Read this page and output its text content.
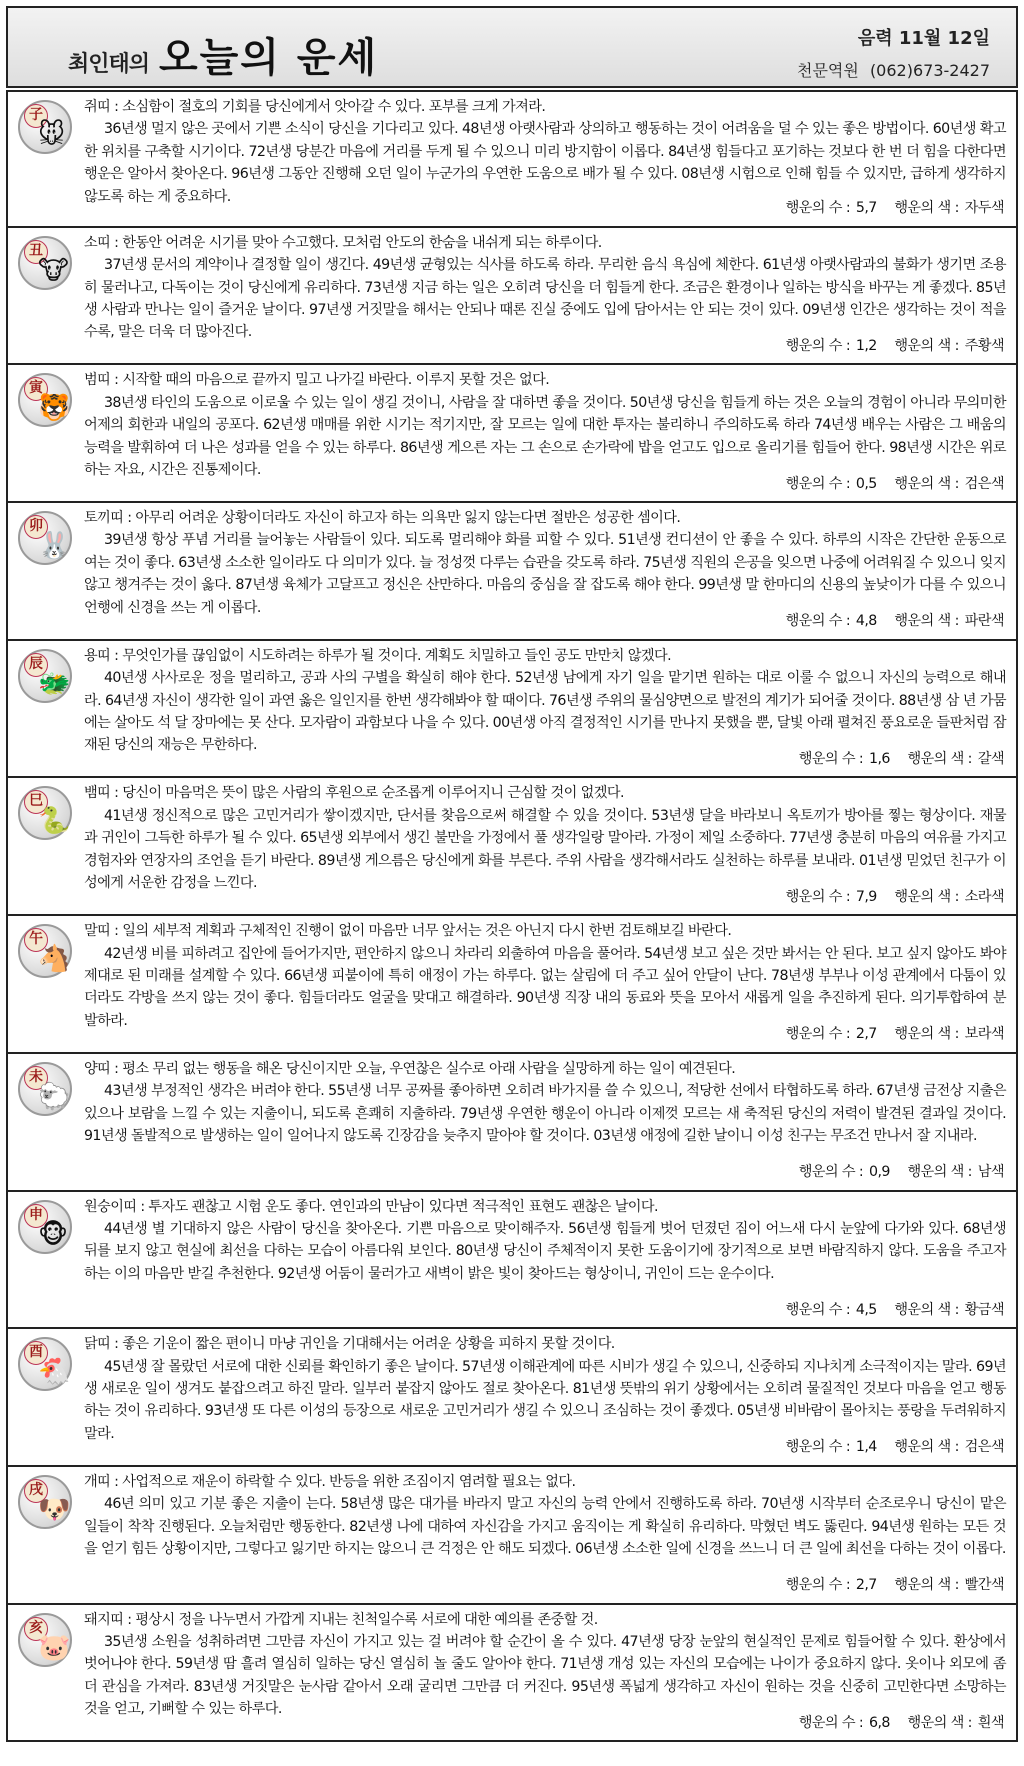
최인태의 오늘의 운세	음력 11월 12일
천문역원 (062)673-2427
子
🐭

쥐띠 : 소심함이 절호의 기회를 당신에게서 앗아갈 수 있다. 포부를 크게 가져라.

36년생 멀지 않은 곳에서 기쁜 소식이 당신을 기다리고 있다. 48년생 아랫사람과 상의하고 행동하는 것이 어려움을 덜 수 있는 좋은 방법이다. 60년생 확고한 위치를 구축할 시기이다. 72년생 당분간 마음에 거리를 두게 될 수 있으니 미리 방지함이 이롭다. 84년생 힘들다고 포기하는 것보다 한 번 더 힘을 다한다면 행운은 알아서 찾아온다. 96년생 그동안 진행해 오던 일이 누군가의 우연한 도움으로 배가 될 수 있다. 08년생 시험으로 인해 힘들 수 있지만, 급하게 생각하지 않도록 하는 게 중요하다.

행운의 수 : 5,7 행운의 색 : 자두색
丑
🐮

소띠 : 한동안 어려운 시기를 맞아 수고했다. 모처럼 안도의 한숨을 내쉬게 되는 하루이다.

37년생 문서의 계약이나 결정할 일이 생긴다. 49년생 균형있는 식사를 하도록 하라. 무리한 음식 욕심에 체한다. 61년생 아랫사람과의 불화가 생기면 조용히 물러나고, 다독이는 것이 당신에게 유리하다. 73년생 지금 하는 일은 오히려 당신을 더 힘들게 한다. 조금은 환경이나 일하는 방식을 바꾸는 게 좋겠다. 85년생 사람과 만나는 일이 즐거운 날이다. 97년생 거짓말을 해서는 안되나 때론 진실 중에도 입에 담아서는 안 되는 것이 있다. 09년생 인간은 생각하는 것이 적을수록, 말은 더욱 더 많아진다.

행운의 수 : 1,2 행운의 색 : 주황색
寅
🐯

범띠 : 시작할 때의 마음으로 끝까지 밀고 나가길 바란다. 이루지 못할 것은 없다.

38년생 타인의 도움으로 이로울 수 있는 일이 생길 것이니, 사람을 잘 대하면 좋을 것이다. 50년생 당신을 힘들게 하는 것은 오늘의 경험이 아니라 무의미한 어제의 회한과 내일의 공포다. 62년생 매매를 위한 시기는 적기지만, 잘 모르는 일에 대한 투자는 불리하니 주의하도록 하라 74년생 배우는 사람은 그 배움의 능력을 발휘하여 더 나은 성과를 얻을 수 있는 하루다. 86년생 게으른 자는 그 손으로 손가락에 밥을 얻고도 입으로 올리기를 힘들어 한다. 98년생 시간은 위로하는 자요, 시간은 진통제이다.

행운의 수 : 0,5 행운의 색 : 검은색
卯
🐰

토끼띠 : 아무리 어려운 상황이더라도 자신이 하고자 하는 의욕만 잃지 않는다면 절반은 성공한 셈이다.

39년생 항상 푸념 거리를 늘어놓는 사람들이 있다. 되도록 멀리해야 화를 피할 수 있다. 51년생 컨디션이 안 좋을 수 있다. 하루의 시작은 간단한 운동으로 여는 것이 좋다. 63년생 소소한 일이라도 다 의미가 있다. 늘 정성껏 다루는 습관을 갖도록 하라. 75년생 직원의 은공을 잊으면 나중에 어려워질 수 있으니 잊지 않고 챙겨주는 것이 옳다. 87년생 육체가 고달프고 정신은 산만하다. 마음의 중심을 잘 잡도록 해야 한다. 99년생 말 한마디의 신용의 높낮이가 다를 수 있으니 언행에 신경을 쓰는 게 이롭다.

행운의 수 : 4,8 행운의 색 : 파란색
辰
🐲

용띠 : 무엇인가를 끊임없이 시도하려는 하루가 될 것이다. 계획도 치밀하고 들인 공도 만만치 않겠다.

40년생 사사로운 정을 멀리하고, 공과 사의 구별을 확실히 해야 한다. 52년생 남에게 자기 일을 맡기면 원하는 대로 이룰 수 없으니 자신의 능력으로 해내라. 64년생 자신이 생각한 일이 과연 옳은 일인지를 한번 생각해봐야 할 때이다. 76년생 주위의 물심양면으로 발전의 계기가 되어줄 것이다. 88년생 삼 년 가뭄에는 살아도 석 달 장마에는 못 산다. 모자람이 과함보다 나을 수 있다. 00년생 아직 결정적인 시기를 만나지 못했을 뿐, 달빛 아래 펼쳐진 풍요로운 들판처럼 잠재된 당신의 재능은 무한하다.

행운의 수 : 1,6 행운의 색 : 갈색
巳
🐍

뱀띠 : 당신이 마음먹은 뜻이 많은 사람의 후원으로 순조롭게 이루어지니 근심할 것이 없겠다.

41년생 정신적으로 많은 고민거리가 쌓이겠지만, 단서를 찾음으로써 해결할 수 있을 것이다. 53년생 달을 바라보니 옥토끼가 방아를 찧는 형상이다. 재물과 귀인이 그득한 하루가 될 수 있다. 65년생 외부에서 생긴 불만을 가정에서 풀 생각일랑 말아라. 가정이 제일 소중하다. 77년생 충분히 마음의 여유를 가지고 경험자와 연장자의 조언을 듣기 바란다. 89년생 게으름은 당신에게 화를 부른다. 주위 사람을 생각해서라도 실천하는 하루를 보내라. 01년생 믿었던 친구가 이성에게 서운한 감정을 느낀다.

행운의 수 : 7,9 행운의 색 : 소라색
午
🐴

말띠 : 일의 세부적 계획과 구체적인 진행이 없이 마음만 너무 앞서는 것은 아닌지 다시 한번 검토해보길 바란다.

42년생 비를 피하려고 집안에 들어가지만, 편안하지 않으니 차라리 외출하여 마음을 풀어라. 54년생 보고 싶은 것만 봐서는 안 된다. 보고 싶지 않아도 봐야 제대로 된 미래를 설계할 수 있다. 66년생 피붙이에 특히 애정이 가는 하루다. 없는 살림에 더 주고 싶어 안달이 난다. 78년생 부부나 이성 관계에서 다툼이 있더라도 각방을 쓰지 않는 것이 좋다. 힘들더라도 얼굴을 맞대고 해결하라. 90년생 직장 내의 동료와 뜻을 모아서 새롭게 일을 추진하게 된다. 의기투합하여 분발하라.

행운의 수 : 2,7 행운의 색 : 보라색
未
🐑

양띠 : 평소 무리 없는 행동을 해온 당신이지만 오늘, 우연찮은 실수로 아래 사람을 실망하게 하는 일이 예견된다.

43년생 부정적인 생각은 버려야 한다. 55년생 너무 공짜를 좋아하면 오히려 바가지를 쓸 수 있으니, 적당한 선에서 타협하도록 하라. 67년생 금전상 지출은 있으나 보람을 느낄 수 있는 지출이니, 되도록 흔쾌히 지출하라. 79년생 우연한 행운이 아니라 이제껏 모르는 새 축적된 당신의 저력이 발견된 결과일 것이다. 91년생 돌발적으로 발생하는 일이 일어나지 않도록 긴장감을 늦추지 말아야 할 것이다. 03년생 애정에 길한 날이니 이성 친구는 무조건 만나서 잘 지내라.

행운의 수 : 0,9 행운의 색 : 남색
申
🐵

원숭이띠 : 투자도 괜찮고 시험 운도 좋다. 연인과의 만남이 있다면 적극적인 표현도 괜찮은 날이다.

44년생 별 기대하지 않은 사람이 당신을 찾아온다. 기쁜 마음으로 맞이해주자. 56년생 힘들게 벗어 던졌던 짐이 어느새 다시 눈앞에 다가와 있다. 68년생 뒤를 보지 않고 현실에 최선을 다하는 모습이 아름다워 보인다. 80년생 당신이 주체적이지 못한 도움이기에 장기적으로 보면 바람직하지 않다. 도움을 주고자 하는 이의 마음만 받길 추천한다. 92년생 어둠이 물러가고 새벽이 밝은 빛이 찾아드는 형상이니, 귀인이 드는 운수이다.

행운의 수 : 4,5 행운의 색 : 황금색
酉
🐔

닭띠 : 좋은 기운이 짧은 편이니 마냥 귀인을 기대해서는 어려운 상황을 피하지 못할 것이다.

45년생 잘 몰랐던 서로에 대한 신뢰를 확인하기 좋은 날이다. 57년생 이해관계에 따른 시비가 생길 수 있으니, 신중하되 지나치게 소극적이지는 말라. 69년생 새로운 일이 생겨도 붙잡으려고 하진 말라. 일부러 붙잡지 않아도 절로 찾아온다. 81년생 뜻밖의 위기 상황에서는 오히려 물질적인 것보다 마음을 얻고 행동하는 것이 유리하다. 93년생 또 다른 이성의 등장으로 새로운 고민거리가 생길 수 있으니 조심하는 것이 좋겠다. 05년생 비바람이 몰아치는 풍랑을 두려워하지 말라.

행운의 수 : 1,4 행운의 색 : 검은색
戌
🐶

개띠 : 사업적으로 재운이 하락할 수 있다. 반등을 위한 조짐이지 염려할 필요는 없다.

46년 의미 있고 기분 좋은 지출이 는다. 58년생 많은 대가를 바라지 말고 자신의 능력 안에서 진행하도록 하라. 70년생 시작부터 순조로우니 당신이 맡은 일들이 착착 진행된다. 오늘처럼만 행동한다. 82년생 나에 대하여 자신감을 가지고 움직이는 게 확실히 유리하다. 막혔던 벽도 뚫린다. 94년생 원하는 모든 것을 얻기 힘든 상황이지만, 그렇다고 잃기만 하지는 않으니 큰 걱정은 안 해도 되겠다. 06년생 소소한 일에 신경을 쓰느니 더 큰 일에 최선을 다하는 것이 이롭다.

행운의 수 : 2,7 행운의 색 : 빨간색
亥
🐷

돼지띠 : 평상시 정을 나누면서 가깝게 지내는 친척일수록 서로에 대한 예의를 존중할 것.

35년생 소원을 성취하려면 그만큼 자신이 가지고 있는 걸 버려야 할 순간이 올 수 있다. 47년생 당장 눈앞의 현실적인 문제로 힘들어할 수 있다. 환상에서 벗어나야 한다. 59년생 땀 흘려 열심히 일하는 당신 열심히 놀 줄도 알아야 한다. 71년생 개성 있는 자신의 모습에는 나이가 중요하지 않다. 옷이나 외모에 좀 더 관심을 가져라. 83년생 거짓말은 눈사람 같아서 오래 굴리면 그만큼 더 커진다. 95년생 폭넓게 생각하고 자신이 원하는 것을 신중히 고민한다면 소망하는 것을 얻고, 기뻐할 수 있는 하루다.

행운의 수 : 6,8 행운의 색 : 흰색
